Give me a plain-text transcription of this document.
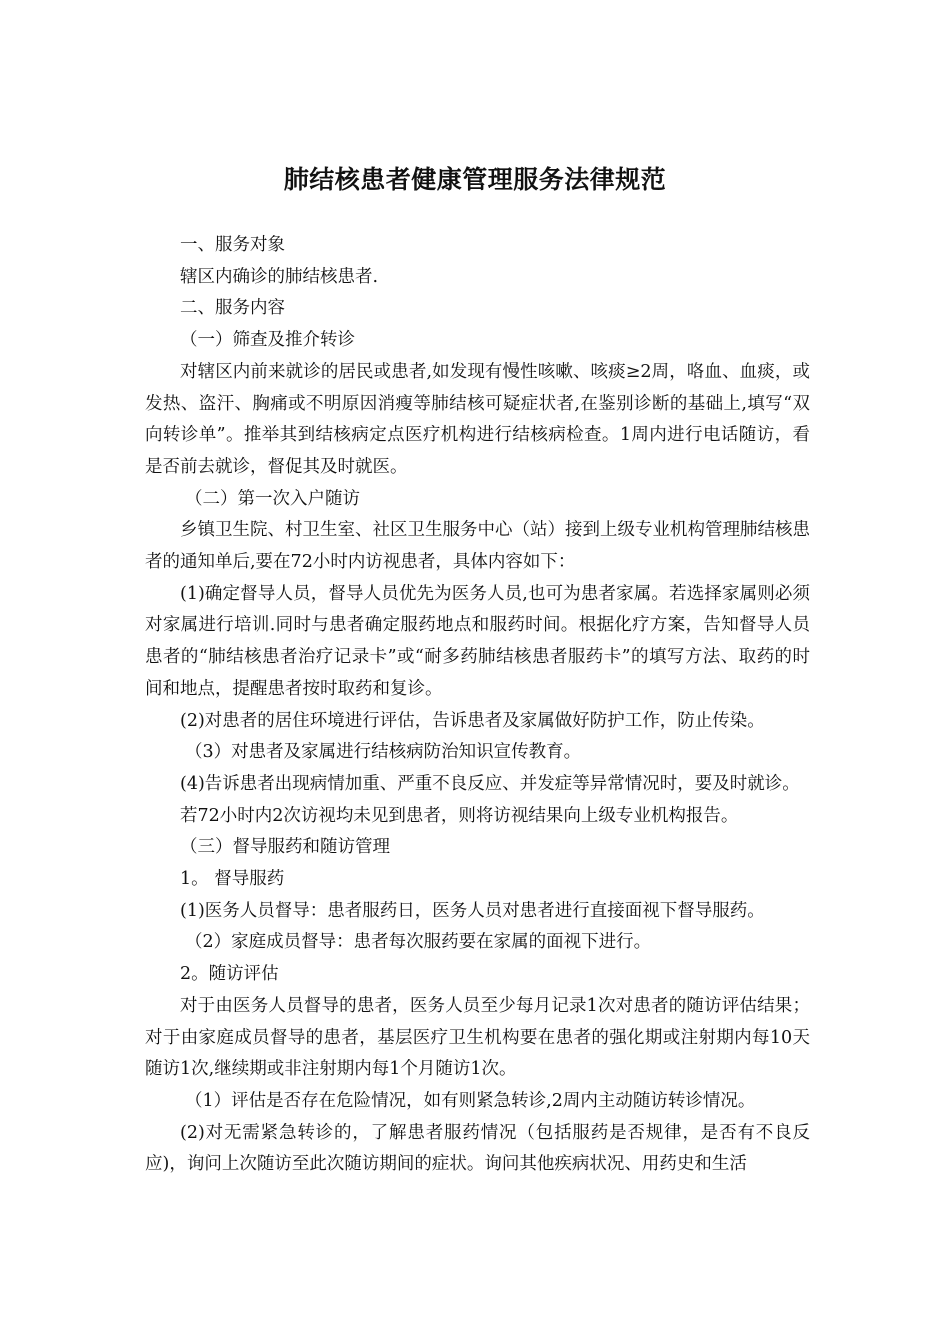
肺结核患者健康管理服务法律规范

一、服务对象

辖区内确诊的肺结核患者.

二、服务内容

（一）筛查及推介转诊

对辖区内前来就诊的居民或患者,如发现有慢性咳嗽、咳痰≥2周，咯血、血痰，或发热、盗汗、胸痛或不明原因消瘦等肺结核可疑症状者,在鉴别诊断的基础上,填写“双向转诊单”。推举其到结核病定点医疗机构进行结核病检查。1周内进行电话随访，看是否前去就诊，督促其及时就医。

（二）第一次入户随访

乡镇卫生院、村卫生室、社区卫生服务中心（站）接到上级专业机构管理肺结核患者的通知单后,要在72小时内访视患者，具体内容如下：

(1)确定督导人员，督导人员优先为医务人员,也可为患者家属。若选择家属则必须对家属进行培训.同时与患者确定服药地点和服药时间。根据化疗方案，告知督导人员患者的“肺结核患者治疗记录卡”或“耐多药肺结核患者服药卡”的填写方法、取药的时间和地点，提醒患者按时取药和复诊。

(2)对患者的居住环境进行评估，告诉患者及家属做好防护工作，防止传染。

（3）对患者及家属进行结核病防治知识宣传教育。

(4)告诉患者出现病情加重、严重不良反应、并发症等异常情况时，要及时就诊。

若72小时内2次访视均未见到患者，则将访视结果向上级专业机构报告。

（三）督导服药和随访管理

1。 督导服药

(1)医务人员督导：患者服药日，医务人员对患者进行直接面视下督导服药。

（2）家庭成员督导：患者每次服药要在家属的面视下进行。

2。随访评估

对于由医务人员督导的患者，医务人员至少每月记录1次对患者的随访评估结果；对于由家庭成员督导的患者，基层医疗卫生机构要在患者的强化期或注射期内每10天随访1次,继续期或非注射期内每1个月随访1次。

（1）评估是否存在危险情况，如有则紧急转诊,2周内主动随访转诊情况。

(2)对无需紧急转诊的，了解患者服药情况（包括服药是否规律，是否有不良反应)，询问上次随访至此次随访期间的症状。询问其他疾病状况、用药史和生活
